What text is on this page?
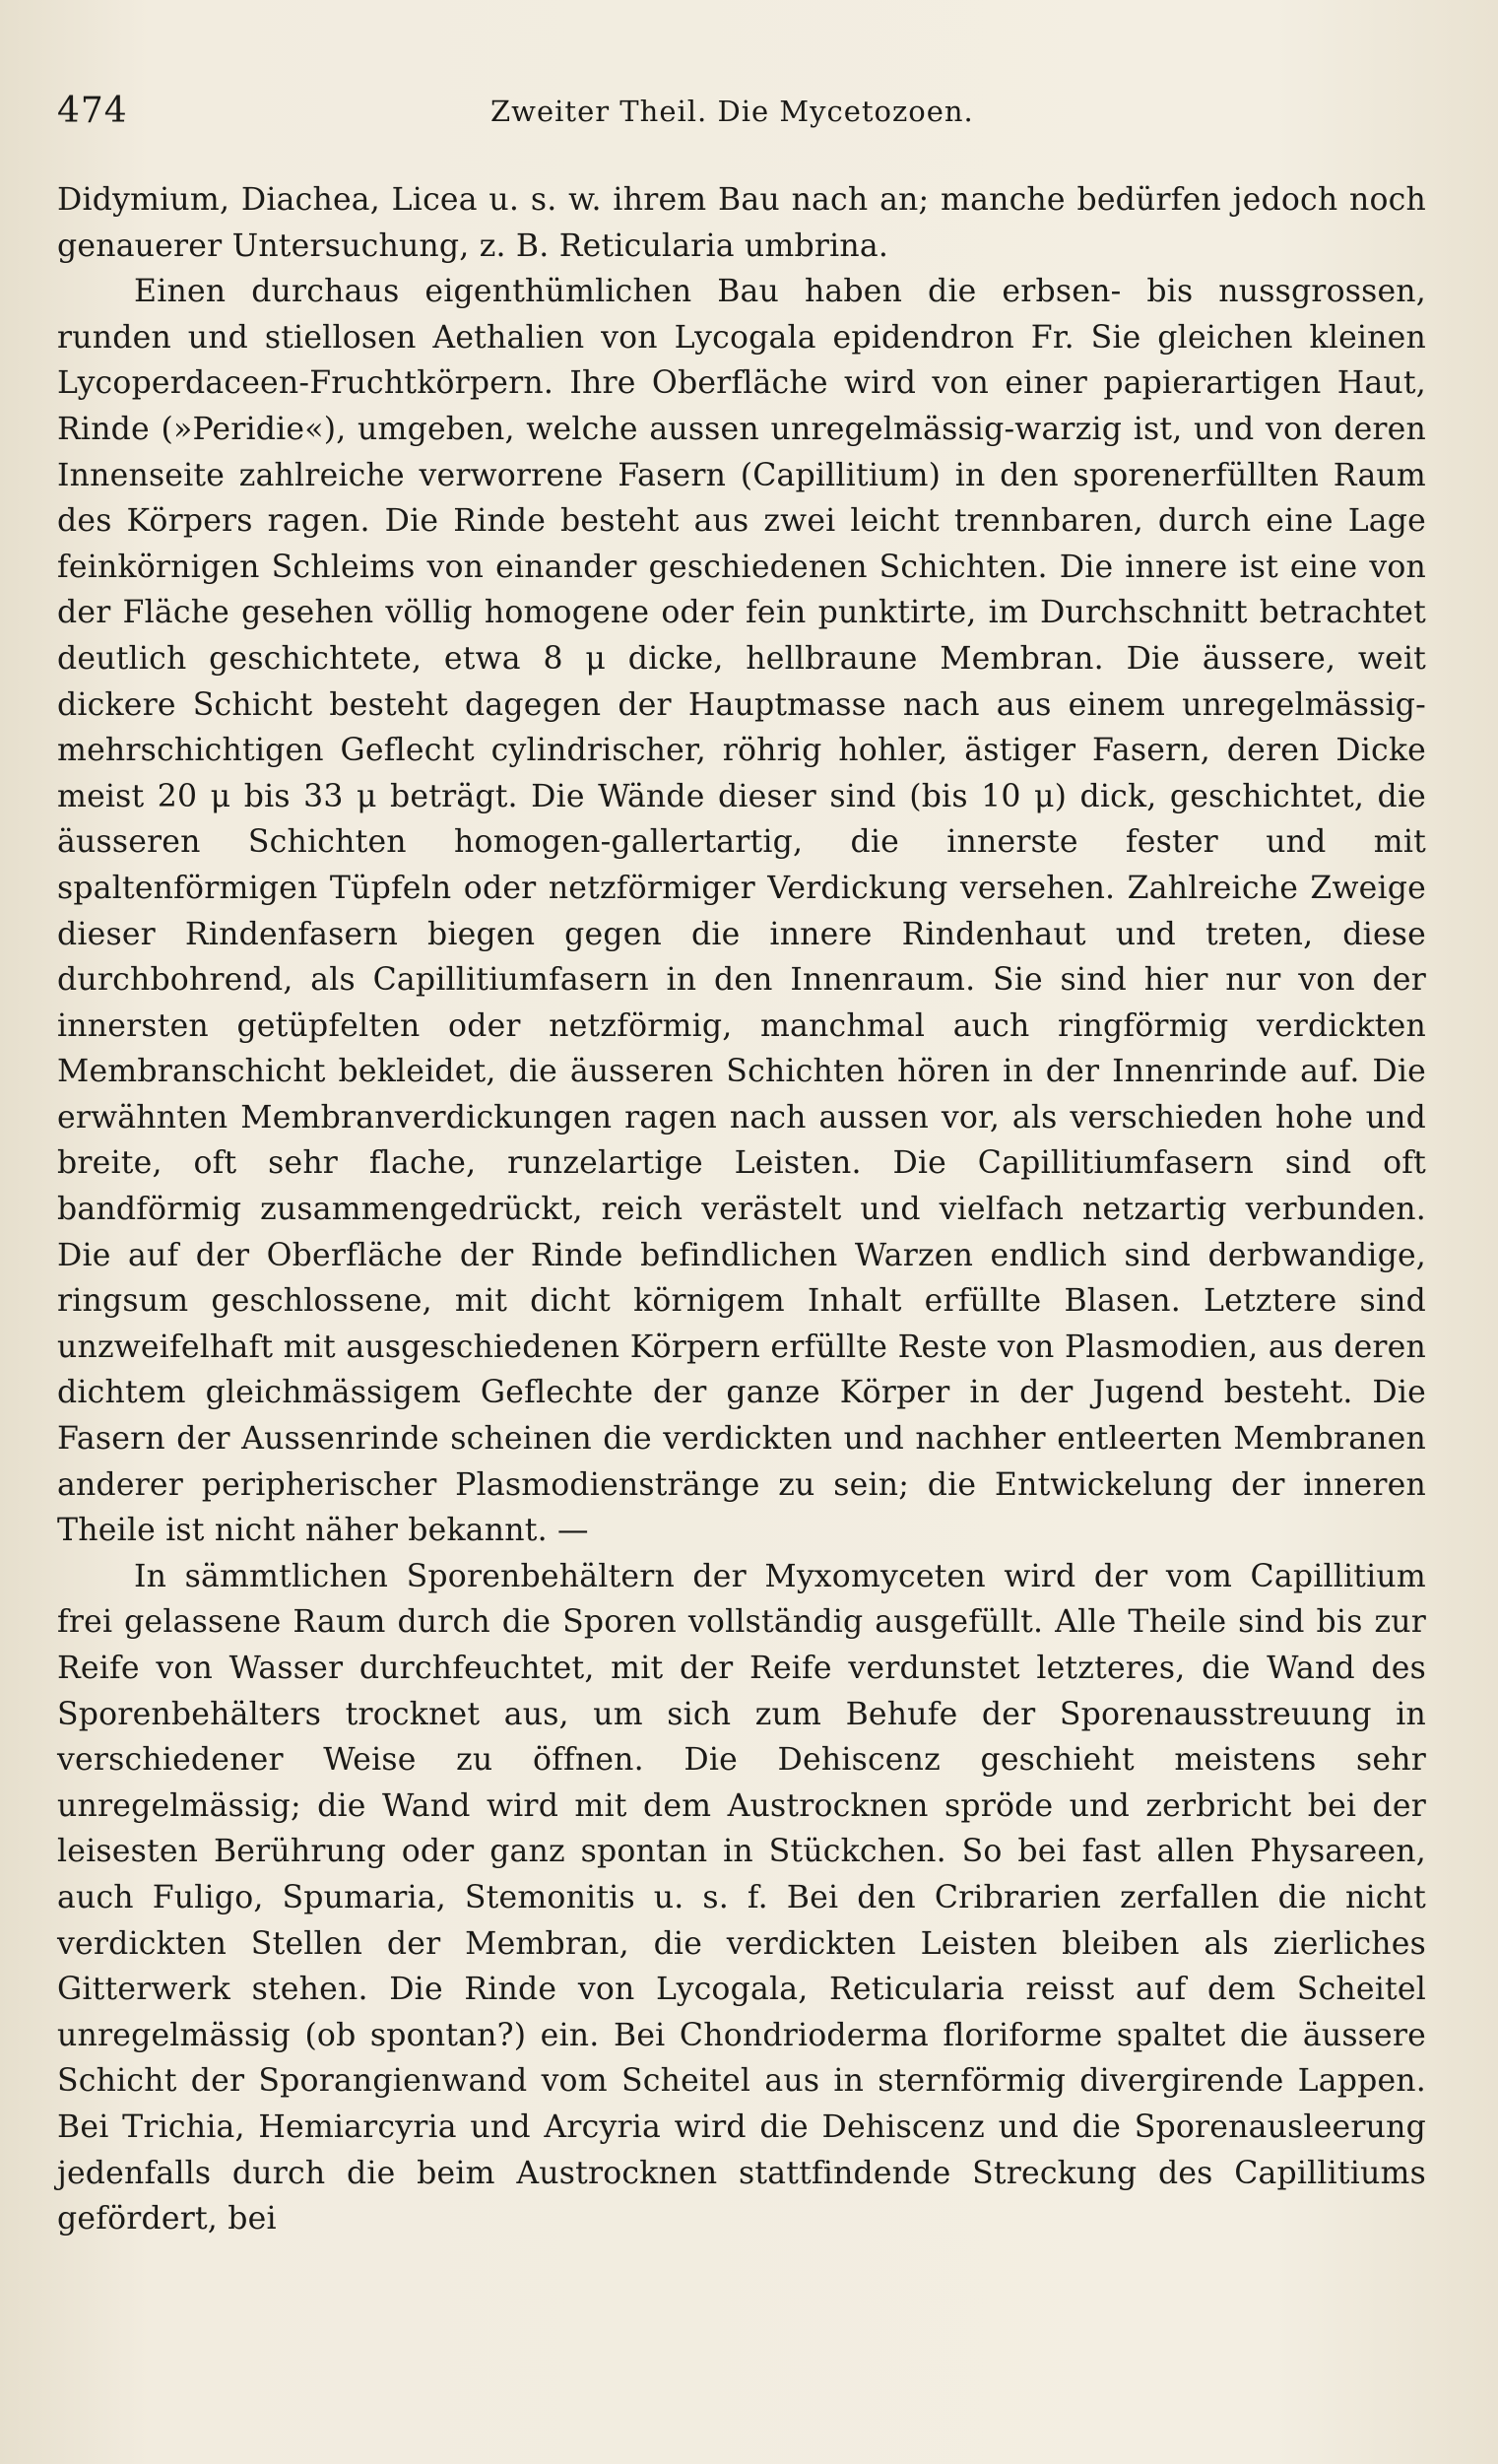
474	Zweiter Theil. Die Mycetozoen.

Didymium, Diachea, Licea u. s. w. ihrem Bau nach an; manche bedürfen jedoch noch genauerer Untersuchung, z. B. Reticularia umbrina.

Einen durchaus eigenthümlichen Bau haben die erbsen- bis nussgrossen, runden und stiellosen Aethalien von Lycogala epidendron Fr. Sie gleichen kleinen Lycoperdaceen-Fruchtkörpern. Ihre Oberfläche wird von einer papierartigen Haut, Rinde (»Peridie«), umgeben, welche aussen unregelmässig-warzig ist, und von deren Innenseite zahlreiche verworrene Fasern (Capillitium) in den sporenerfüllten Raum des Körpers ragen. Die Rinde besteht aus zwei leicht trennbaren, durch eine Lage feinkörnigen Schleims von einander geschiedenen Schichten. Die innere ist eine von der Fläche gesehen völlig homogene oder fein punktirte, im Durchschnitt betrachtet deutlich geschichtete, etwa 8 μ dicke, hellbraune Membran. Die äussere, weit dickere Schicht besteht dagegen der Hauptmasse nach aus einem unregelmässig-mehrschichtigen Geflecht cylindrischer, röhrig hohler, ästiger Fasern, deren Dicke meist 20 μ bis 33 μ beträgt. Die Wände dieser sind (bis 10 μ) dick, geschichtet, die äusseren Schichten homogen-gallertartig, die innerste fester und mit spaltenförmigen Tüpfeln oder netzförmiger Verdickung versehen. Zahlreiche Zweige dieser Rindenfasern biegen gegen die innere Rindenhaut und treten, diese durchbohrend, als Capillitiumfasern in den Innenraum. Sie sind hier nur von der innersten getüpfelten oder netzförmig, manchmal auch ringförmig verdickten Membranschicht bekleidet, die äusseren Schichten hören in der Innenrinde auf. Die erwähnten Membranverdickungen ragen nach aussen vor, als verschieden hohe und breite, oft sehr flache, runzelartige Leisten. Die Capillitiumfasern sind oft bandförmig zusammengedrückt, reich verästelt und vielfach netzartig verbunden. Die auf der Oberfläche der Rinde befindlichen Warzen endlich sind derbwandige, ringsum geschlossene, mit dicht körnigem Inhalt erfüllte Blasen. Letztere sind unzweifelhaft mit ausgeschiedenen Körpern erfüllte Reste von Plasmodien, aus deren dichtem gleichmässigem Geflechte der ganze Körper in der Jugend besteht. Die Fasern der Aussenrinde scheinen die verdickten und nachher entleerten Membranen anderer peripherischer Plasmodienstränge zu sein; die Entwickelung der inneren Theile ist nicht näher bekannt. —

In sämmtlichen Sporenbehältern der Myxomyceten wird der vom Capillitium frei gelassene Raum durch die Sporen vollständig ausgefüllt. Alle Theile sind bis zur Reife von Wasser durchfeuchtet, mit der Reife verdunstet letzteres, die Wand des Sporenbehälters trocknet aus, um sich zum Behufe der Sporenausstreuung in verschiedener Weise zu öffnen. Die Dehiscenz geschieht meistens sehr unregelmässig; die Wand wird mit dem Austrocknen spröde und zerbricht bei der leisesten Berührung oder ganz spontan in Stückchen. So bei fast allen Physareen, auch Fuligo, Spumaria, Stemonitis u. s. f. Bei den Cribrarien zerfallen die nicht verdickten Stellen der Membran, die verdickten Leisten bleiben als zierliches Gitterwerk stehen. Die Rinde von Lycogala, Reticularia reisst auf dem Scheitel unregelmässig (ob spontan?) ein. Bei Chondrioderma floriforme spaltet die äussere Schicht der Sporangienwand vom Scheitel aus in sternförmig divergirende Lappen. Bei Trichia, Hemiarcyria und Arcyria wird die Dehiscenz und die Sporenausleerung jedenfalls durch die beim Austrocknen stattfindende Streckung des Capillitiums gefördert, bei
